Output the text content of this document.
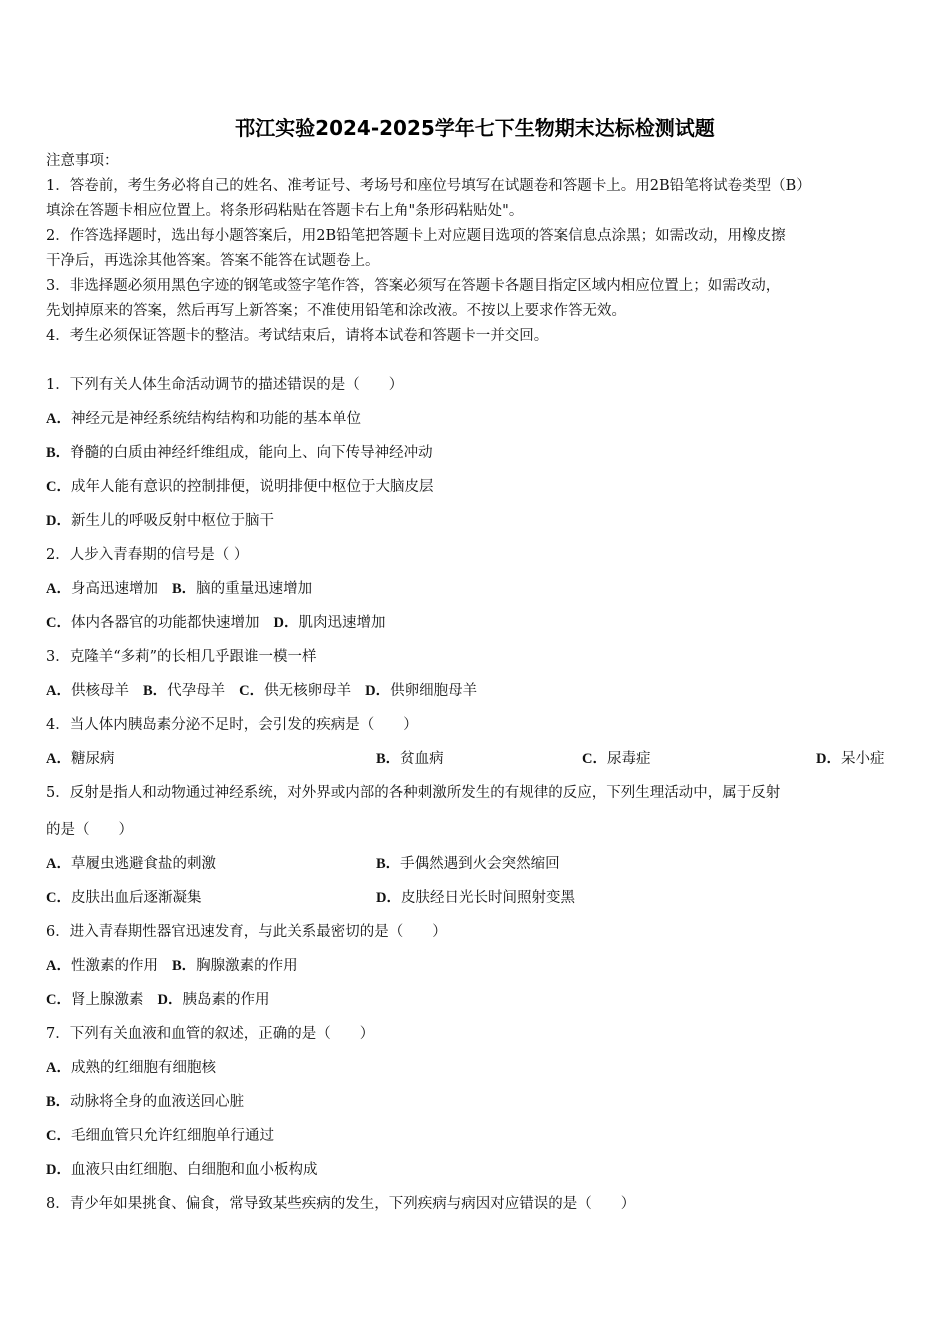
邗江实验2024-2025学年七下生物期末达标检测试题
注意事项：
1．答卷前，考生务必将自己的姓名、准考证号、考场号和座位号填写在试题卷和答题卡上。用2B铅笔将试卷类型（B）
填涂在答题卡相应位置上。将条形码粘贴在答题卡右上角"条形码粘贴处"。
2．作答选择题时，选出每小题答案后，用2B铅笔把答题卡上对应题目选项的答案信息点涂黑；如需改动，用橡皮擦
干净后，再选涂其他答案。答案不能答在试题卷上。
3．非选择题必须用黑色字迹的钢笔或签字笔作答，答案必须写在答题卡各题目指定区域内相应位置上；如需改动，
先划掉原来的答案，然后再写上新答案；不准使用铅笔和涂改液。不按以上要求作答无效。
4．考生必须保证答题卡的整洁。考试结束后，请将本试卷和答题卡一并交回。
1．下列有关人体生命活动调节的描述错误的是（　　）
A．神经元是神经系统结构结构和功能的基本单位
B．脊髓的白质由神经纤维组成，能向上、向下传导神经冲动
C．成年人能有意识的控制排便，说明排便中枢位于大脑皮层
D．新生儿的呼吸反射中枢位于脑干
2．人步入青春期的信号是（ ）
A．身高迅速增加 B．脑的重量迅速增加
C．体内各器官的功能都快速增加 D．肌肉迅速增加
3．克隆羊“多莉”的长相几乎跟谁一模一样
A．供核母羊 B．代孕母羊 C．供无核卵母羊 D．供卵细胞母羊
4．当人体内胰岛素分泌不足时，会引发的疾病是（　　）
A．糖尿病	B．贫血病	C．尿毒症	D．呆小症
5．反射是指人和动物通过神经系统，对外界或内部的各种刺激所发生的有规律的反应，下列生理活动中，属于反射
的是（　　）
A．草履虫逃避食盐的刺激	B．手偶然遇到火会突然缩回
C．皮肤出血后逐渐凝集	D．皮肤经日光长时间照射变黑
6．进入青春期性器官迅速发育，与此关系最密切的是（　　）
A．性激素的作用 B．胸腺激素的作用
C．肾上腺激素 D．胰岛素的作用
7．下列有关血液和血管的叙述，正确的是（　　）
A．成熟的红细胞有细胞核
B．动脉将全身的血液送回心脏
C．毛细血管只允许红细胞单行通过
D．血液只由红细胞、白细胞和血小板构成
8．青少年如果挑食、偏食，常导致某些疾病的发生，下列疾病与病因对应错误的是（　　）
